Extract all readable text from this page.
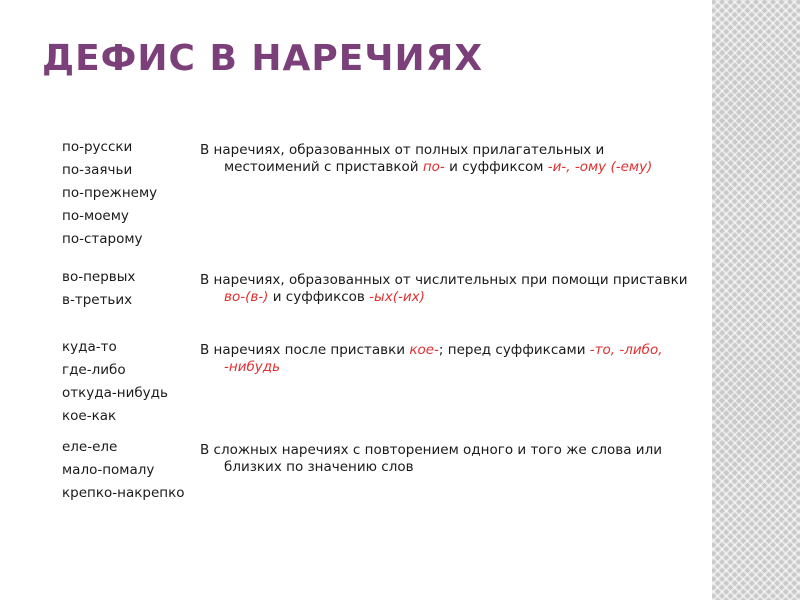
ДЕФИС В НАРЕЧИЯХ
по-русски
по-заячьи
по-прежнему
по-моему
по-старому
В наречиях, образованных от полных прилагательных и местоимений с приставкой по- и суффиксом -и-, -ому (-ему)
во-первых
в-третьих
В наречиях, образованных от числительных при помощи приставки во-(в-) и суффиксов -ых(-их)
куда-то
где-либо
откуда-нибудь
кое-как
В наречиях после приставки кое-; перед суффиксами -то, -либо, -нибудь
еле-еле
мало-помалу
крепко-накрепко
В сложных наречиях с повторением одного и того же слова или близких по значению слов
